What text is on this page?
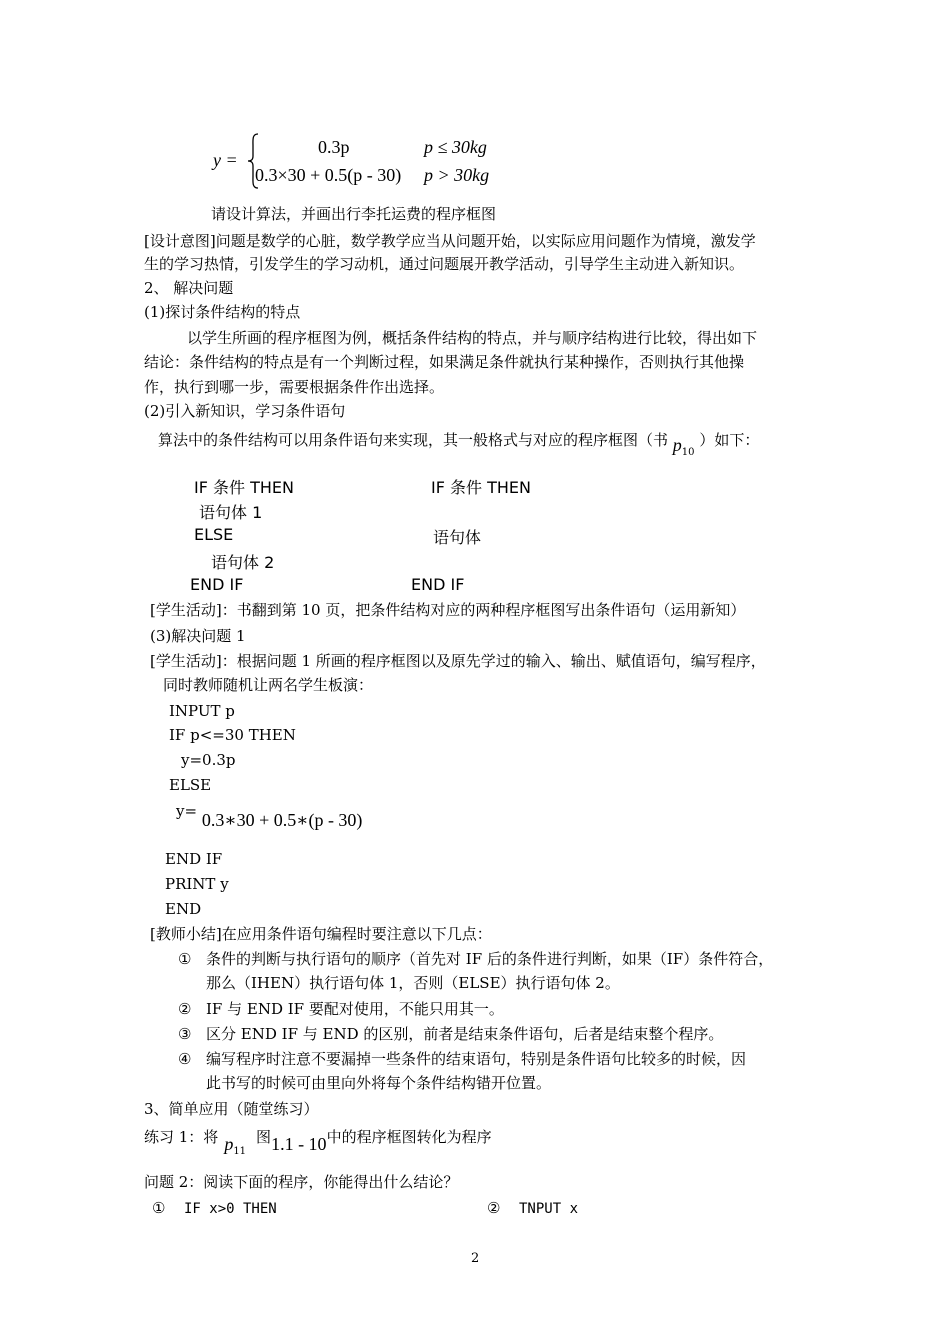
y =
0.3p	p ≤ 30kg
0.3×30 + 0.5(p - 30) p > 30kg
请设计算法，并画出行李托运费的程序框图
[设计意图]问题是数学的心脏，数学教学应当从问题开始，以实际应用问题作为情境，激发学
生的学习热情，引发学生的学习动机，通过问题展开教学活动，引导学生主动进入新知识。
2、 解决问题
(1)探讨条件结构的特点
以学生所画的程序框图为例，概括条件结构的特点，并与顺序结构进行比较，得出如下
结论：条件结构的特点是有一个判断过程，如果满足条件就执行某种操作，否则执行其他操
作，执行到哪一步，需要根据条件作出选择。
(2)引入新知识，学习条件语句
算法中的条件结构可以用条件语句来实现，其一般格式与对应的程序框图（书 $p_{10}$ ）如下：
IF 条件 THEN
语句体 1
ELSE
语句体 2
END IF
IF 条件 THEN
语句体
END IF
[学生活动]：书翻到第 10 页，把条件结构对应的两种程序框图写出条件语句（运用新知）
(3)解决问题 1
[学生活动]：根据问题 1 所画的程序框图以及原先学过的输入、输出、赋值语句，编写程序，
同时教师随机让两名学生板演：
INPUT p
IF p<=30 THEN
y=0.3p
ELSE
y= 0.3∗30 + 0.5∗(p - 30)
END IF
PRINT y
END
[教师小结]在应用条件语句编程时要注意以下几点：
① 条件的判断与执行语句的顺序（首先对 IF 后的条件进行判断，如果（IF）条件符合，
那么（IHEN）执行语句体 1，否则（ELSE）执行语句体 2。
② IF 与 END IF 要配对使用，不能只用其一。
③ 区分 END IF 与 END 的区别，前者是结束条件语句，后者是结束整个程序。
④ 编写程序时注意不要漏掉一些条件的结束语句，特别是条件语句比较多的时候，因
此书写的时候可由里向外将每个条件结构错开位置。
3、简单应用（随堂练习）
练习 1：将 $p_{11}$图1.1 - 10中的程序框图转化为程序
问题 2：阅读下面的程序，你能得出什么结论？
① IF x>0 THEN	② TNPUT x
2
